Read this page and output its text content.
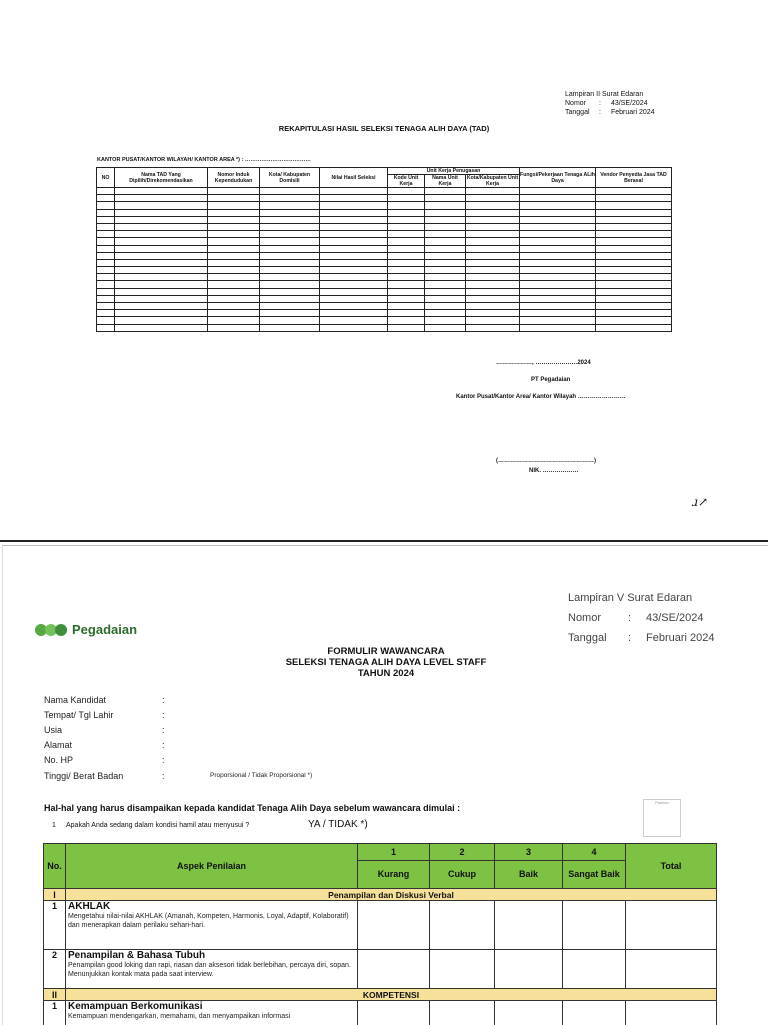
Lampiran II Surat Edaran
Nomor	:	43/SE/2024
Tanggal	:	Februari 2024
REKAPITULASI HASIL SELEKSI TENAGA ALIH DAYA (TAD)
KANTOR PUSAT/KANTOR WILAYAH/ KANTOR AREA *) : ………………………………
NO	Nama TAD Yang Dipilih/Direkomendasikan	Nomor Induk Kependudukan	Kota/ Kabupaten Domisili	Nilai Hasil Seleksi	Unit Kerja Penugasan			Fungsi/Pekerjaan Tenaga ALih Daya	Vendor Penyedia Jasa TAD Berasal
					Kode Unit Kerja	Nama Unit Kerja	Kota/Kabupaten Unit Kerja		

………………, …………………2024
PT Pegadaian
Kantor Pusat/Kantor Area/ Kantor Wilayah ……………………
(…………………………………………)
NIK. ………………
ɹ↗
Lampiran V Surat Edaran
Nomor	:	43/SE/2024
Tanggal	:	Februari 2024
Pegadaian
FORMULIR WAWANCARA
SELEKSI TENAGA ALIH DAYA LEVEL STAFF
TAHUN 2024
Nama Kandidat	:
Tempat/ Tgl Lahir	:
Usia	:
Alamat	:
No. HP	:
Tinggi/ Berat Badan	:	Proporsional / Tidak Proporsional *)
Pasfoto
Hal-hal yang harus disampaikan kepada kandidat Tenaga Alih Daya sebelum wawancara dimulai :
1	Apakah Anda sedang dalam kondisi hamil atau menyusui ?	YA / TIDAK *)
No.	Aspek Penilaian	1	2	3	4	Total
		Kurang	Cukup	Baik	Sangat Baik	
I	Penampilan dan Diskusi Verbal					
1	AKHLAK
Mengetahui nilai-nilai AKHLAK (Amanah, Kompeten, Harmonis, Loyal, Adaptif, Kolaboratif) dan menerapkan dalam perilaku sehari-hari.					

2	Penampilan & Bahasa Tubuh
Penampilan good loking dan rapi, riasan dan aksesori tidak berlebihan, percaya diri, sopan. Menunjukkan kontak mata pada saat interview.					

II	KOMPETENSI					
1	Kemampuan Berkomunikasi
Kemampuan mendengarkan, memahami, dan menyampaikan informasi					
